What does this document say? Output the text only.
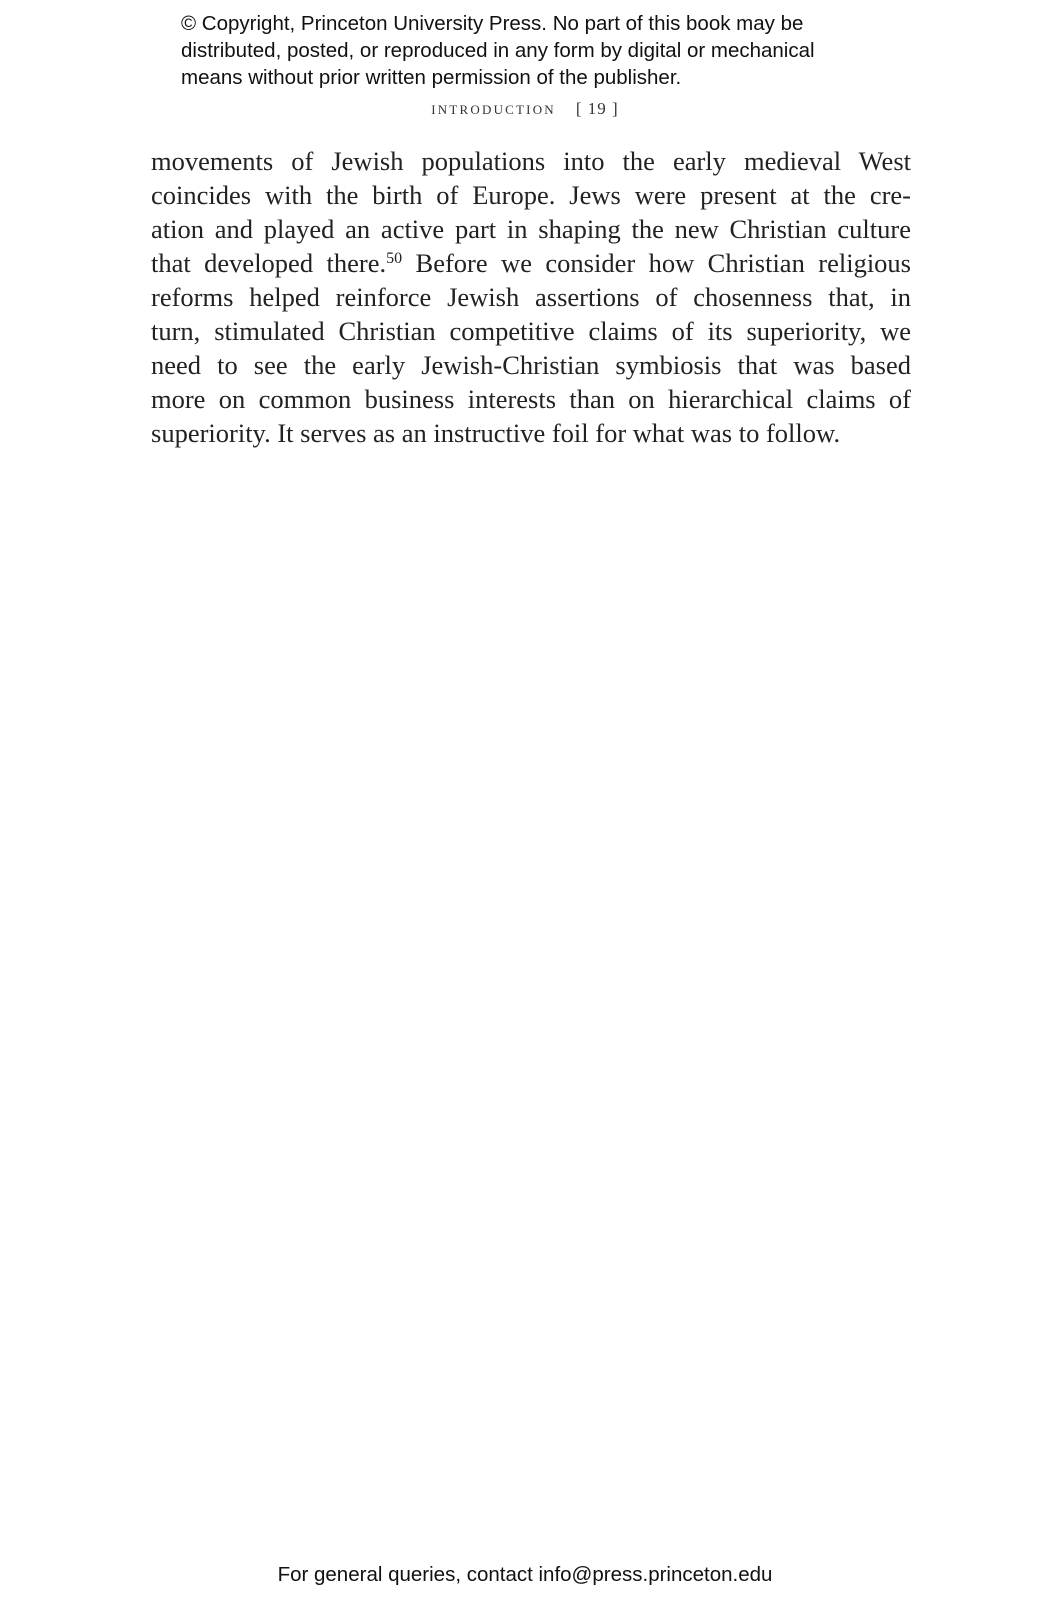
© Copyright, Princeton University Press. No part of this book may be
distributed, posted, or reproduced in any form by digital or mechanical
means without prior written permission of the publisher.
introduction [ 19 ]
movements of Jewish populations into the early medieval West
coincides with the birth of Europe. Jews were present at the cre-
ation and played an active part in shaping the new Christian culture
that developed there.$^{50}$ Before we consider how Christian religious
reforms helped reinforce Jewish assertions of chosenness that, in
turn, stimulated Christian competitive claims of its superiority, we
need to see the early Jewish-Christian symbiosis that was based
more on common business interests than on hierarchical claims of
superiority. It serves as an instructive foil for what was to follow.
For general queries, contact info@press.princeton.edu
